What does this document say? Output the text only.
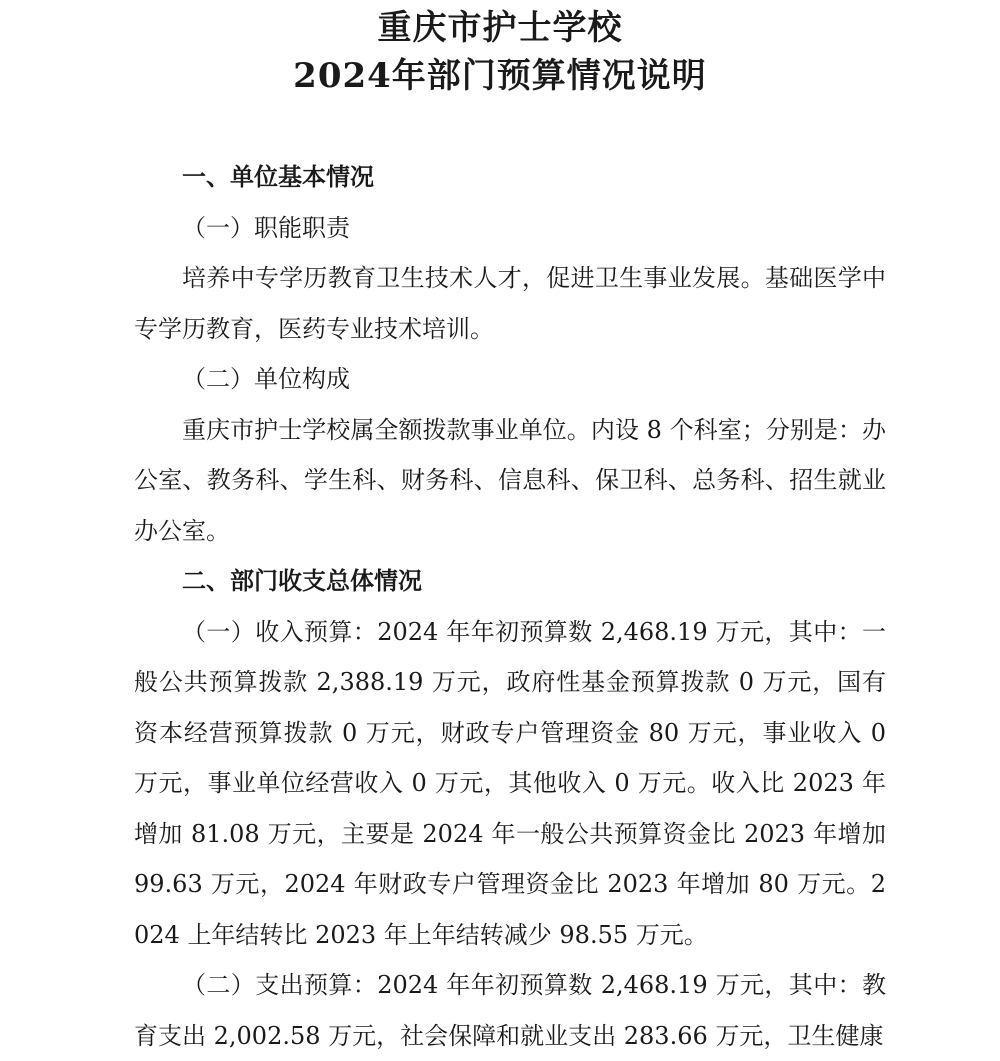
重庆市护士学校
2024年部门预算情况说明

一、单位基本情况

（一）职能职责

培养中专学历教育卫生技术人才，促进卫生事业发展。基础医学中专学历教育，医药专业技术培训。

（二）单位构成

重庆市护士学校属全额拨款事业单位。内设 8 个科室；分别是：办公室、教务科、学生科、财务科、信息科、保卫科、总务科、招生就业办公室。

二、部门收支总体情况

（一）收入预算：2024 年年初预算数 2,468.19 万元，其中：一般公共预算拨款 2,388.19 万元，政府性基金预算拨款 0 万元，国有资本经营预算拨款 0 万元，财政专户管理资金 80 万元，事业收入 0 万元，事业单位经营收入 0 万元，其他收入 0 万元。收入比 2023 年增加 81.08 万元，主要是 2024 年一般公共预算资金比 2023 年增加 99.63 万元，2024 年财政专户管理资金比 2023 年增加 80 万元。2024 上年结转比 2023 年上年结转减少 98.55 万元。

（二）支出预算：2024 年年初预算数 2,468.19 万元，其中：教育支出 2,002.58 万元，社会保障和就业支出 283.66 万元，卫生健康
